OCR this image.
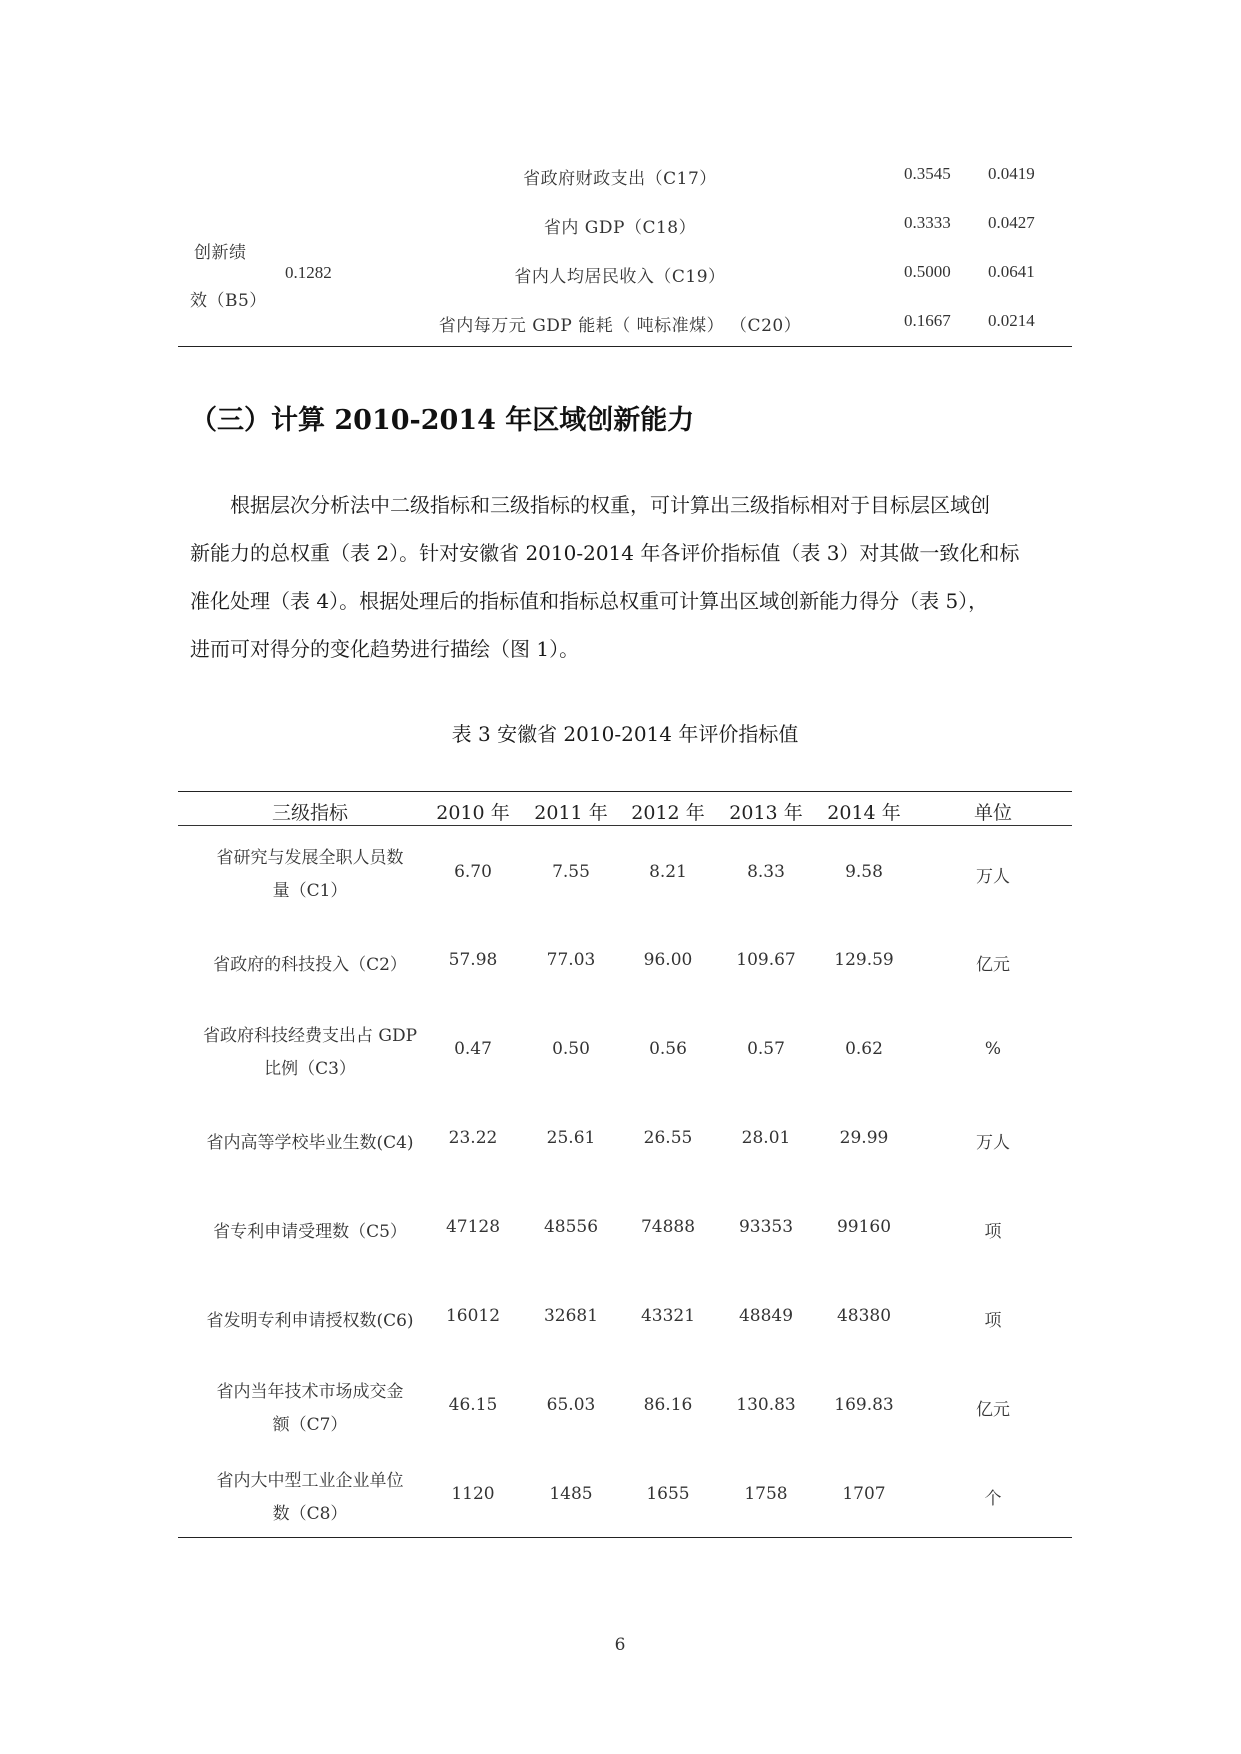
创新绩
效（B5）
0.1282
省政府财政支出（C17）	0.3545 0.0419
省内 GDP（C18）	0.3333 0.0427
省内人均居民收入（C19）	0.5000 0.0641
省内每万元 GDP 能耗（ 吨标准煤） （C20）	0.1667 0.0214
（三）计算 2010-2014 年区域创新能力
根据层次分析法中二级指标和三级指标的权重，可计算出三级指标相对于目标层区域创
新能力的总权重（表 2）。针对安徽省 2010-2014 年各评价指标值（表 3）对其做一致化和标
准化处理（表 4）。根据处理后的指标值和指标总权重可计算出区域创新能力得分（表 5），
进而可对得分的变化趋势进行描绘（图 1）。
表 3 安徽省 2010-2014 年评价指标值
三级指标	2010 年	2011 年	2012 年	2013 年	2014 年	单位
省研究与发展全职人员数
量（C1）
6.70	7.55	8.21	8.33	9.58	万人
省政府的科技投入（C2）	57.98	77.03	96.00	109.67	129.59	亿元
省政府科技经费支出占 GDP
比例（C3）
0.47	0.50	0.56	0.57	0.62	%
省内高等学校毕业生数(C4)	23.22	25.61	26.55	28.01	29.99	万人
省专利申请受理数（C5）	47128	48556	74888	93353	99160	项
省发明专利申请授权数(C6)	16012	32681	43321	48849	48380	项
省内当年技术市场成交金
额（C7）
46.15	65.03	86.16	130.83	169.83	亿元
省内大中型工业企业单位
数（C8）
1120	1485	1655	1758	1707	个
6
